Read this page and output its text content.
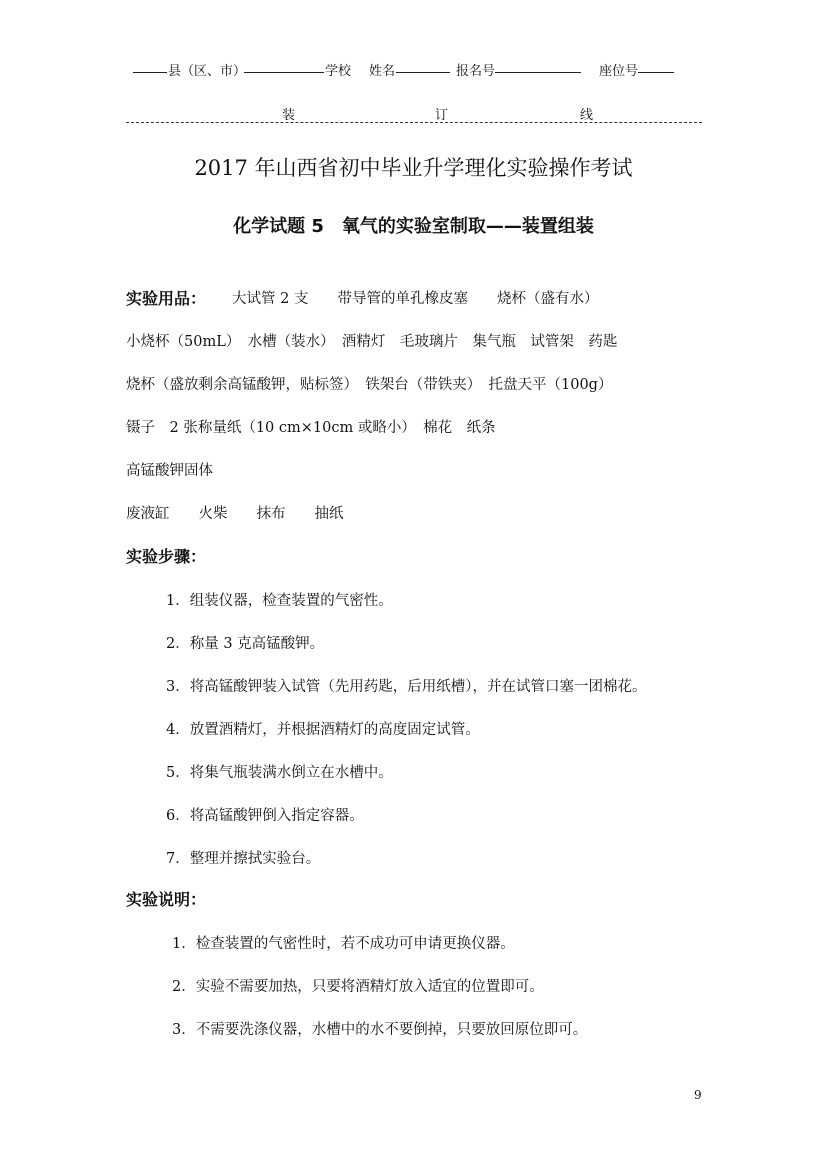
县（区、市）	学校 姓名	报名号	座位号
装	订	线
2017 年山西省初中毕业升学理化实验操作考试
化学试题 5　氧气的实验室制取——装置组装
实验用品： 大试管 2 支　　带导管的单孔橡皮塞　　烧杯（盛有水）
小烧杯（50mL）　水槽（装水）　酒精灯　毛玻璃片　集气瓶　试管架　药匙
烧杯（盛放剩余高锰酸钾，贴标签）　铁架台（带铁夹）　托盘天平（100g）
镊子　2 张称量纸（10 cm×10cm 或略小）　棉花　纸条
高锰酸钾固体
废液缸　　火柴　　抹布　　抽纸
实验步骤：
1．组装仪器，检查装置的气密性。
2．称量 3 克高锰酸钾。
3．将高锰酸钾装入试管（先用药匙，后用纸槽），并在试管口塞一团棉花。
4．放置酒精灯，并根据酒精灯的高度固定试管。
5．将集气瓶装满水倒立在水槽中。
6．将高锰酸钾倒入指定容器。
7．整理并擦拭实验台。
实验说明：
1．检查装置的气密性时，若不成功可申请更换仪器。
2．实验不需要加热，只要将酒精灯放入适宜的位置即可。
3．不需要洗涤仪器，水槽中的水不要倒掉，只要放回原位即可。
9
